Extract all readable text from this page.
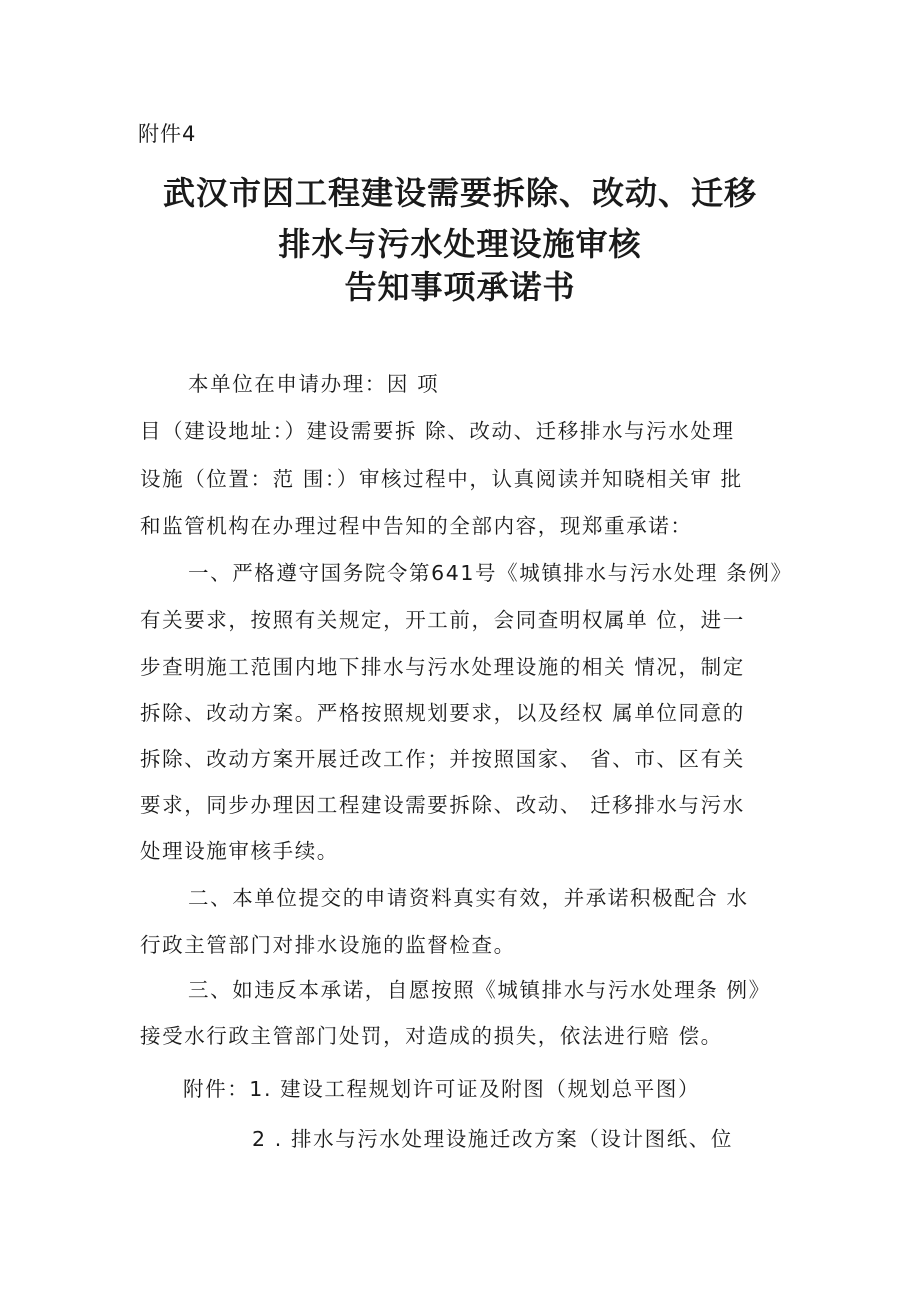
附件4
武汉市因工程建设需要拆除、改动、迁移
排水与污水处理设施审核
告知事项承诺书
本单位在申请办理：因 项
目（建设地址：）建设需要拆 除、改动、迁移排水与污水处理
设施（位置：范 围：）审核过程中，认真阅读并知晓相关审 批
和监管机构在办理过程中告知的全部内容，现郑重承诺：
一、严格遵守国务院令第641号《城镇排水与污水处理 条例》
有关要求，按照有关规定，开工前，会同查明权属单 位，进一
步查明施工范围内地下排水与污水处理设施的相关 情况，制定
拆除、改动方案。严格按照规划要求，以及经权 属单位同意的
拆除、改动方案开展迁改工作；并按照国家、 省、市、区有关
要求，同步办理因工程建设需要拆除、改动、 迁移排水与污水
处理设施审核手续。
二、本单位提交的申请资料真实有效，并承诺积极配合 水
行政主管部门对排水设施的监督检查。
三、如违反本承诺，自愿按照《城镇排水与污水处理条 例》
接受水行政主管部门处罚，对造成的损失，依法进行赔 偿。
附件：1. 建设工程规划许可证及附图（规划总平图）
2 . 排水与污水处理设施迁改方案（设计图纸、位
